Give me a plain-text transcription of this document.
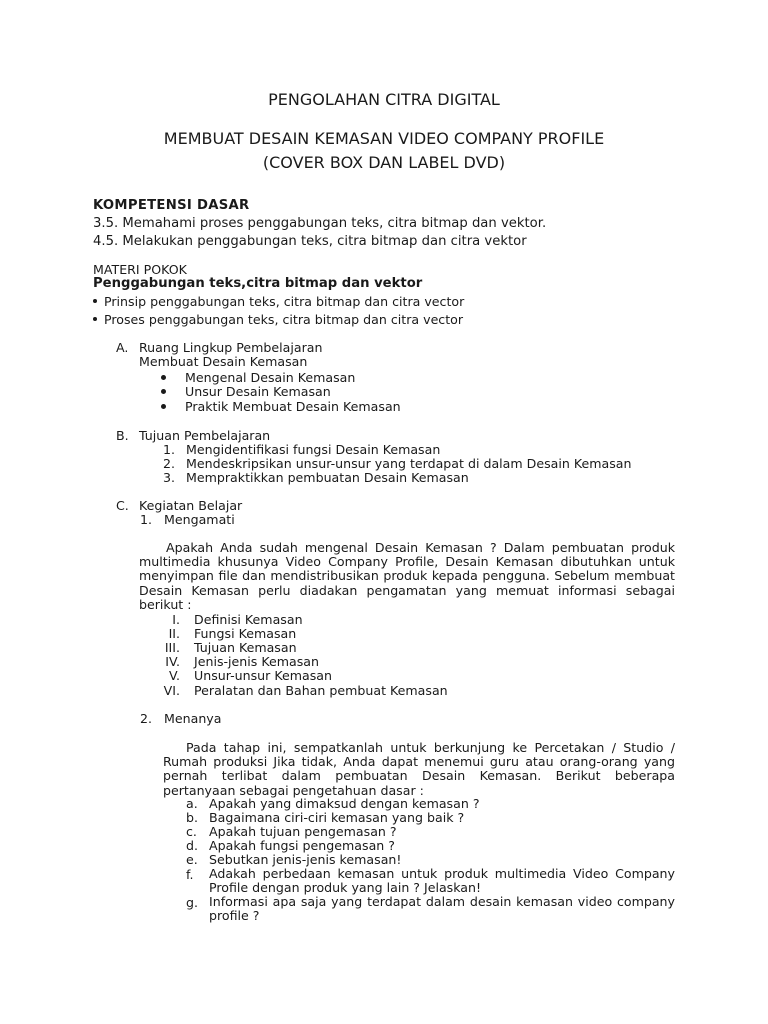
PENGOLAHAN CITRA DIGITAL
MEMBUAT DESAIN KEMASAN VIDEO COMPANY PROFILE
(COVER BOX DAN LABEL DVD)
KOMPETENSI DASAR
3.5. Memahami proses penggabungan teks, citra bitmap dan vektor.
4.5. Melakukan penggabungan teks, citra bitmap dan citra vektor
MATERI POKOK
Penggabungan teks,citra bitmap dan vektor
Prinsip penggabungan teks, citra bitmap dan citra vector
Proses penggabungan teks, citra bitmap dan citra vector
A. Ruang Lingkup Pembelajaran
Membuat Desain Kemasan
Mengenal Desain Kemasan
Unsur Desain Kemasan
Praktik Membuat Desain Kemasan
B. Tujuan Pembelajaran
1. Mengidentifikasi fungsi Desain Kemasan
2. Mendeskripsikan unsur-unsur yang terdapat di dalam Desain Kemasan
3. Mempraktikkan pembuatan Desain Kemasan
C. Kegiatan Belajar
1. Mengamati
Apakah Anda sudah mengenal Desain Kemasan ? Dalam pembuatan produk multimedia khusunya Video Company Profile, Desain Kemasan dibutuhkan untuk menyimpan file dan mendistribusikan produk kepada pengguna. Sebelum membuat Desain Kemasan perlu diadakan pengamatan yang memuat informasi sebagai berikut :
I. Definisi Kemasan
II. Fungsi Kemasan
III. Tujuan Kemasan
IV. Jenis-jenis Kemasan
V. Unsur-unsur Kemasan
VI. Peralatan dan Bahan pembuat Kemasan
2. Menanya
Pada tahap ini, sempatkanlah untuk berkunjung ke Percetakan / Studio / Rumah produksi Jika tidak, Anda dapat menemui guru atau orang-orang yang pernah terlibat dalam pembuatan Desain Kemasan. Berikut beberapa pertanyaan sebagai pengetahuan dasar :
a. Apakah yang dimaksud dengan kemasan ?
b. Bagaimana ciri-ciri kemasan yang baik ?
c. Apakah tujuan pengemasan ?
d. Apakah fungsi pengemasan ?
e. Sebutkan jenis-jenis kemasan!
f. Adakah perbedaan kemasan untuk produk multimedia Video Company Profile dengan produk yang lain ? Jelaskan!
g. Informasi apa saja yang terdapat dalam desain kemasan video company profile ?
